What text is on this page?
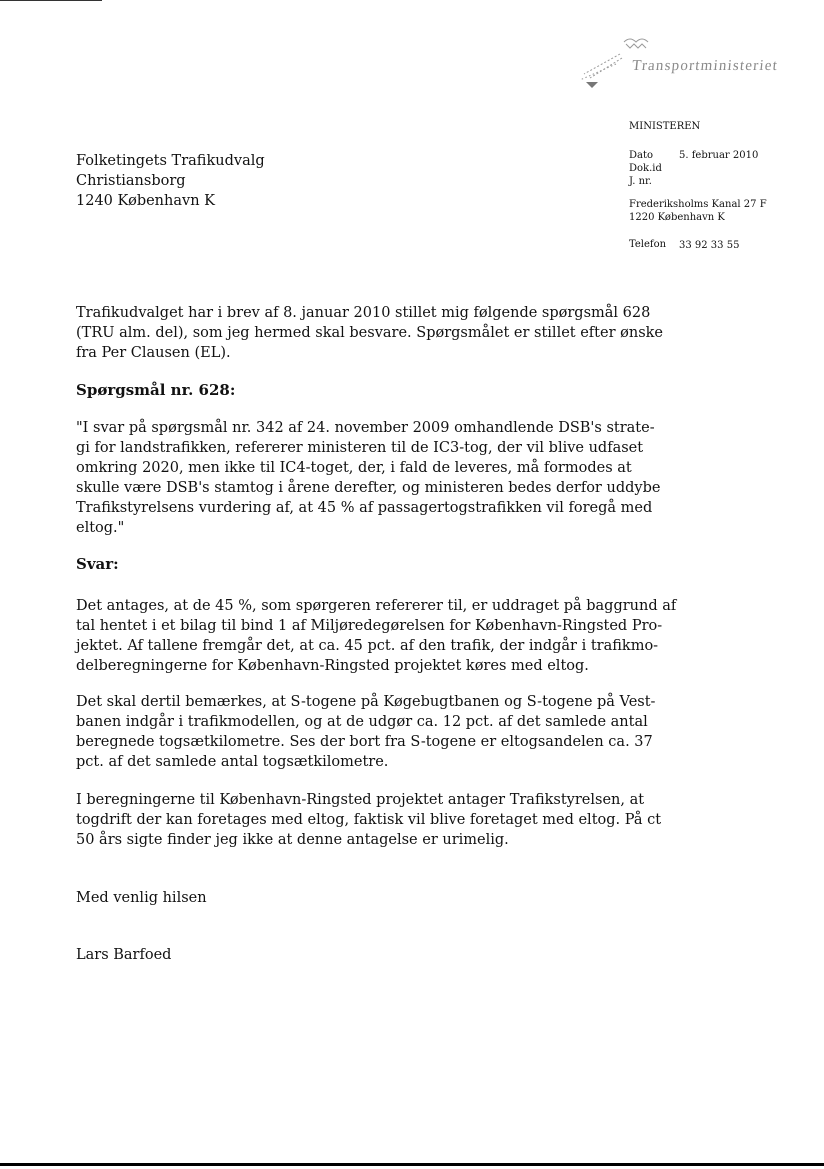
Transportministeriet
MINISTEREN
Dato	5. februar 2010
Dok.id
J. nr.
Frederiksholms Kanal 27 F
1220 København K
Telefon 33 92 33 55
Folketingets Trafikudvalg
Christiansborg
1240 København K
Trafikudvalget har i brev af 8. januar 2010 stillet mig følgende spørgsmål 628
(TRU alm. del), som jeg hermed skal besvare. Spørgsmålet er stillet efter ønske
fra Per Clausen (EL).
Spørgsmål nr. 628:
"I svar på spørgsmål nr. 342 af 24. november 2009 omhandlende DSB's strate-
gi for landstrafikken, refererer ministeren til de IC3-tog, der vil blive udfaset
omkring 2020, men ikke til IC4-toget, der, i fald de leveres, må formodes at
skulle være DSB's stamtog i årene derefter, og ministeren bedes derfor uddybe
Trafikstyrelsens vurdering af, at 45 % af passagertogstrafikken vil foregå med
eltog."
Svar:
Det antages, at de 45 %, som spørgeren refererer til, er uddraget på baggrund af
tal hentet i et bilag til bind 1 af Miljøredegørelsen for København-Ringsted Pro-
jektet. Af tallene fremgår det, at ca. 45 pct. af den trafik, der indgår i trafikmo-
delberegningerne for København-Ringsted projektet køres med eltog.
Det skal dertil bemærkes, at S-togene på Køgebugtbanen og S-togene på Vest-
banen indgår i trafikmodellen, og at de udgør ca. 12 pct. af det samlede antal
beregnede togsætkilometre. Ses der bort fra S-togene er eltogsandelen ca. 37
pct. af det samlede antal togsætkilometre.
I beregningerne til København-Ringsted projektet antager Trafikstyrelsen, at
togdrift der kan foretages med eltog, faktisk vil blive foretaget med eltog. På ct
50 års sigte finder jeg ikke at denne antagelse er urimelig.
Med venlig hilsen
Lars Barfoed
